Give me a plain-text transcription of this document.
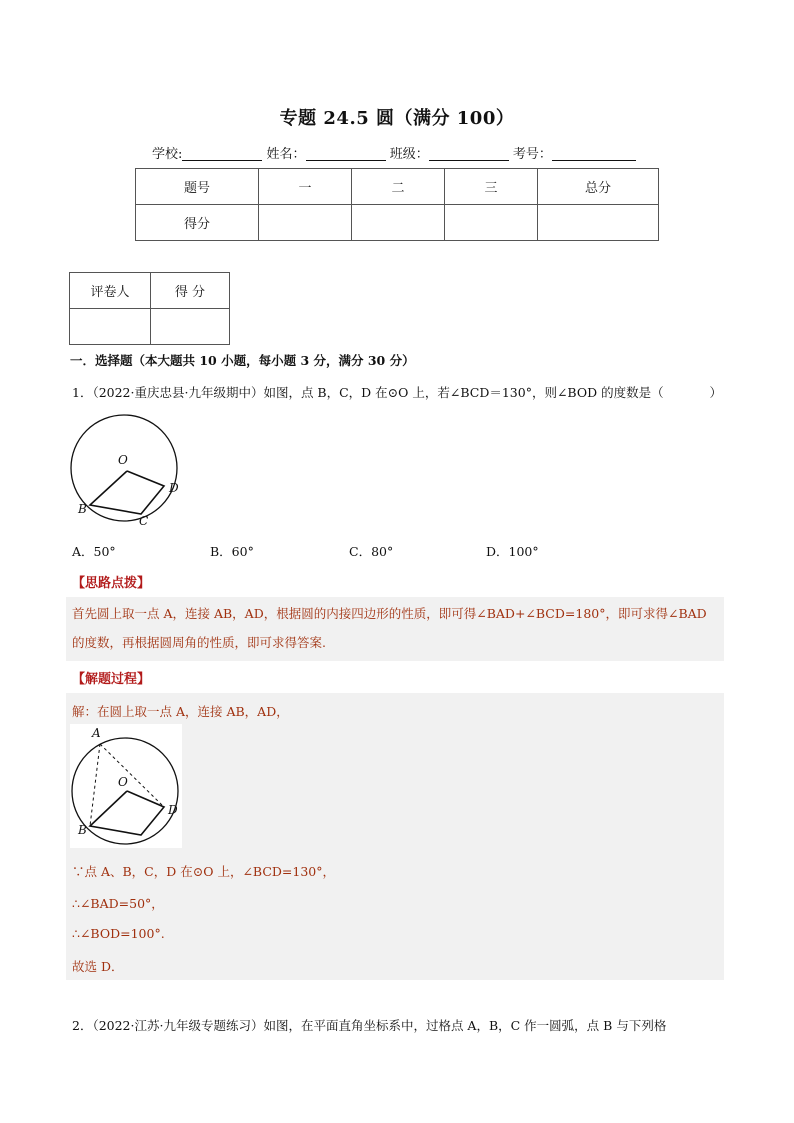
专题 24.5 圆（满分 100）
学校:	姓名：	班级：	考号：
题号	一	二	三	总分
得分				
评卷人	得 分

一．选择题（本大题共 10 小题，每小题 3 分，满分 30 分）
1．（2022·重庆忠县·九年级期中）如图，点 B，C，D 在⊙O 上，若∠BCD＝130°，则∠BOD 的度数是（	）
O
B
C
D
A．50°	B．60°	C．80°	D．100°
【思路点拨】
首先圆上取一点 A，连接 AB，AD，根据圆的内接四边形的性质，即可得∠BAD+∠BCD=180°，即可求得∠BAD 的度数，再根据圆周角的性质，即可求得答案.
【解题过程】
解：在圆上取一点 A，连接 AB，AD，
A
O
B
D
∵点 A、B，C，D 在⊙O 上，∠BCD=130°，
∴∠BAD=50°，
∴∠BOD=100°.
故选 D．
2．（2022·江苏·九年级专题练习）如图，在平面直角坐标系中，过格点 A，B，C 作一圆弧，点 B 与下列格
